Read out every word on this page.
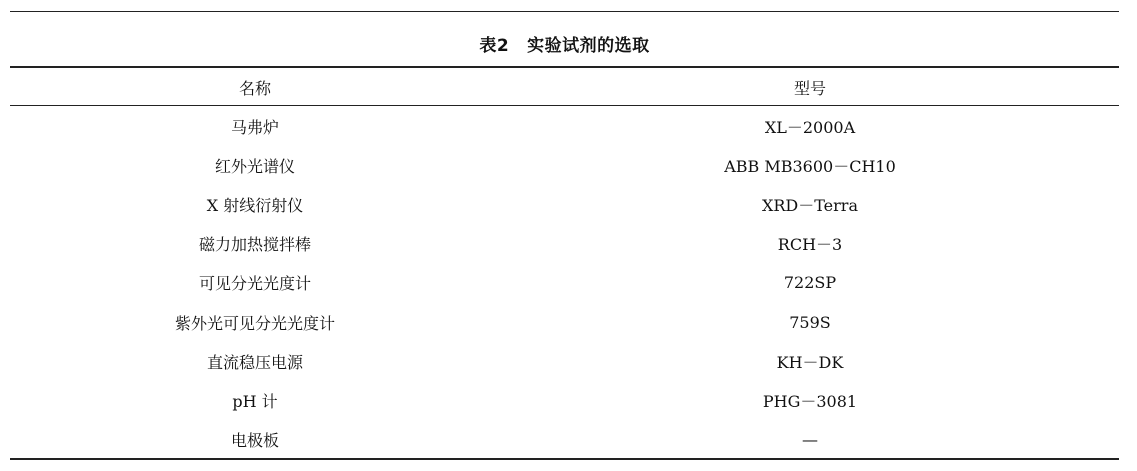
表2 实验试剂的选取
名称	型号
马弗炉	XL－2000A
红外光谱仪	ABB MB3600－CH10
X 射线衍射仪	XRD－Terra
磁力加热搅拌棒	RCH－3
可见分光光度计	722SP
紫外光可见分光光度计	759S
直流稳压电源	KH－DK
pH 计	PHG－3081
电极板	—
